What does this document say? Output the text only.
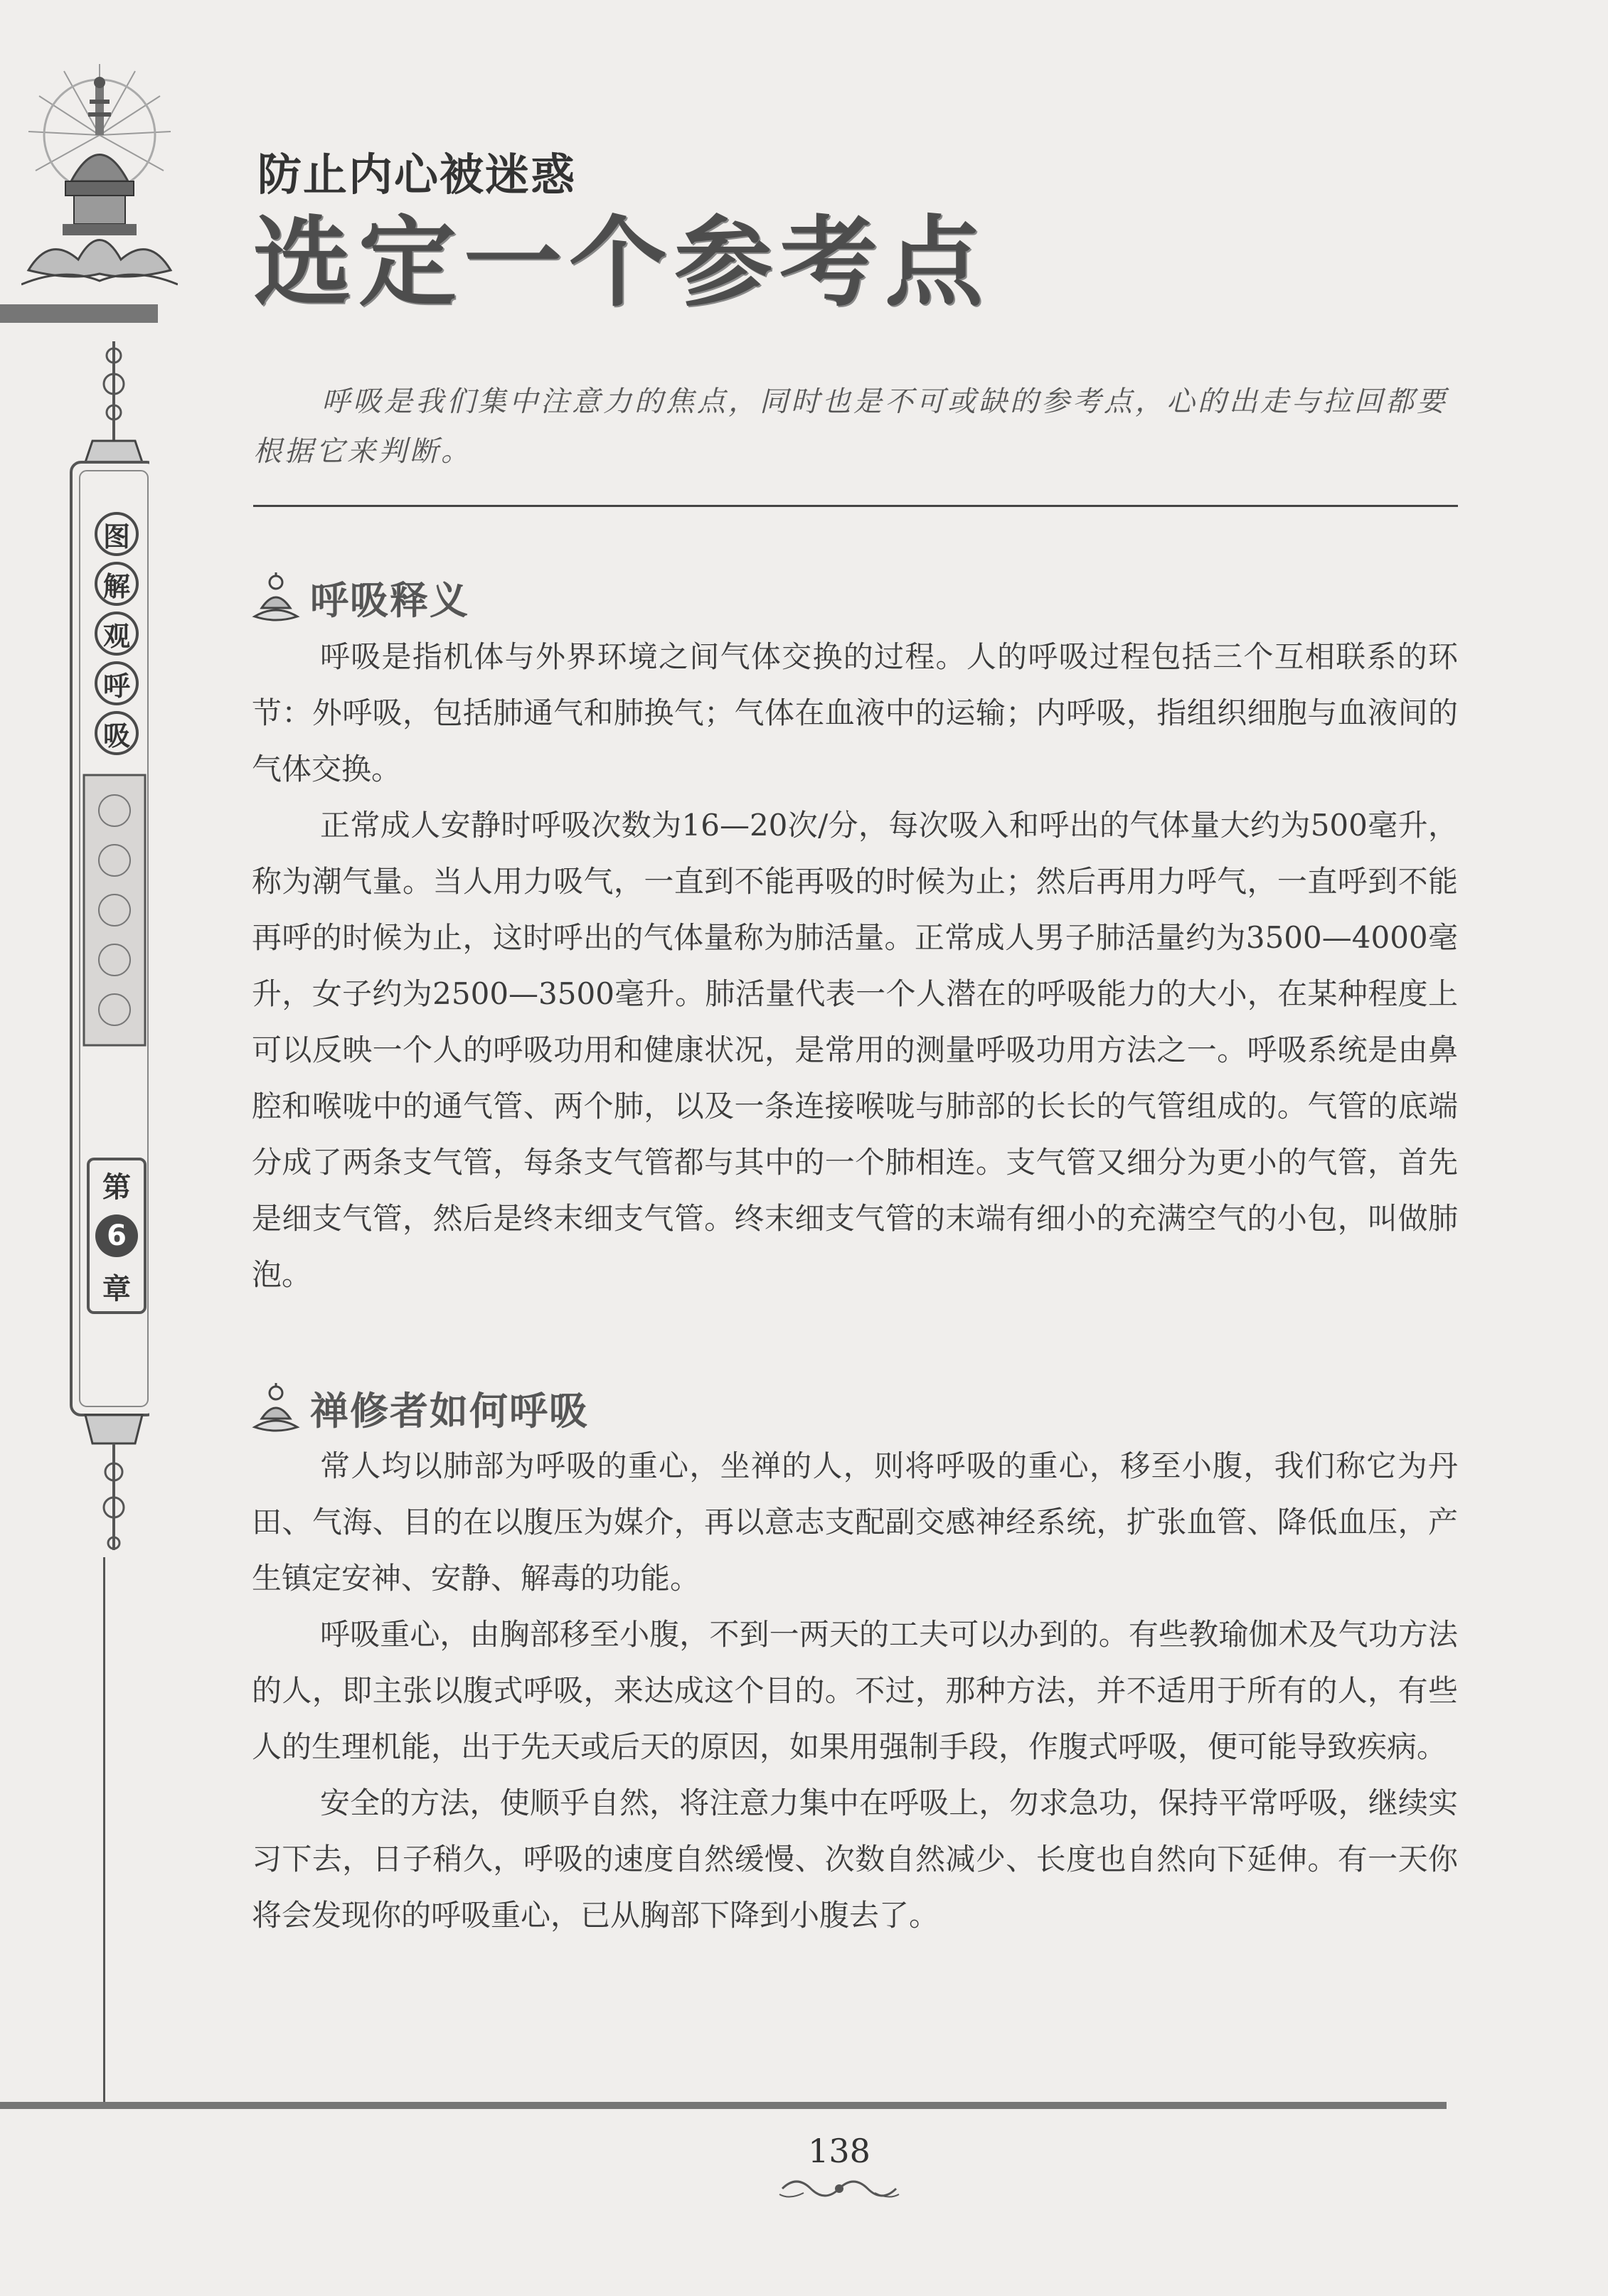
图
解
观
呼
吸
第
6
章
防止内心被迷惑
选定一个参考点
呼吸是我们集中注意力的焦点，同时也是不可或缺的参考点，心的出走与拉回都要根据它来判断。
呼吸释义

呼吸是指机体与外界环境之间气体交换的过程。人的呼吸过程包括三个互相联系的环节：外呼吸，包括肺通气和肺换气；气体在血液中的运输；内呼吸，指组织细胞与血液间的气体交换。

正常成人安静时呼吸次数为16—20次/分，每次吸入和呼出的气体量大约为500毫升，称为潮气量。当人用力吸气，一直到不能再吸的时候为止；然后再用力呼气，一直呼到不能再呼的时候为止，这时呼出的气体量称为肺活量。正常成人男子肺活量约为3500—4000毫升，女子约为2500—3500毫升。肺活量代表一个人潜在的呼吸能力的大小，在某种程度上可以反映一个人的呼吸功用和健康状况，是常用的测量呼吸功用方法之一。呼吸系统是由鼻腔和喉咙中的通气管、两个肺，以及一条连接喉咙与肺部的长长的气管组成的。气管的底端分成了两条支气管，每条支气管都与其中的一个肺相连。支气管又细分为更小的气管，首先是细支气管，然后是终末细支气管。终末细支气管的末端有细小的充满空气的小包，叫做肺泡。

禅修者如何呼吸

常人均以肺部为呼吸的重心，坐禅的人，则将呼吸的重心，移至小腹，我们称它为丹田、气海、目的在以腹压为媒介，再以意志支配副交感神经系统，扩张血管、降低血压，产生镇定安神、安静、解毒的功能。

呼吸重心，由胸部移至小腹，不到一两天的工夫可以办到的。有些教瑜伽术及气功方法的人，即主张以腹式呼吸，来达成这个目的。不过，那种方法，并不适用于所有的人，有些人的生理机能，出于先天或后天的原因，如果用强制手段，作腹式呼吸，便可能导致疾病。

安全的方法，使顺乎自然，将注意力集中在呼吸上，勿求急功，保持平常呼吸，继续实习下去，日子稍久，呼吸的速度自然缓慢、次数自然减少、长度也自然向下延伸。有一天你将会发现你的呼吸重心，已从胸部下降到小腹去了。

138
